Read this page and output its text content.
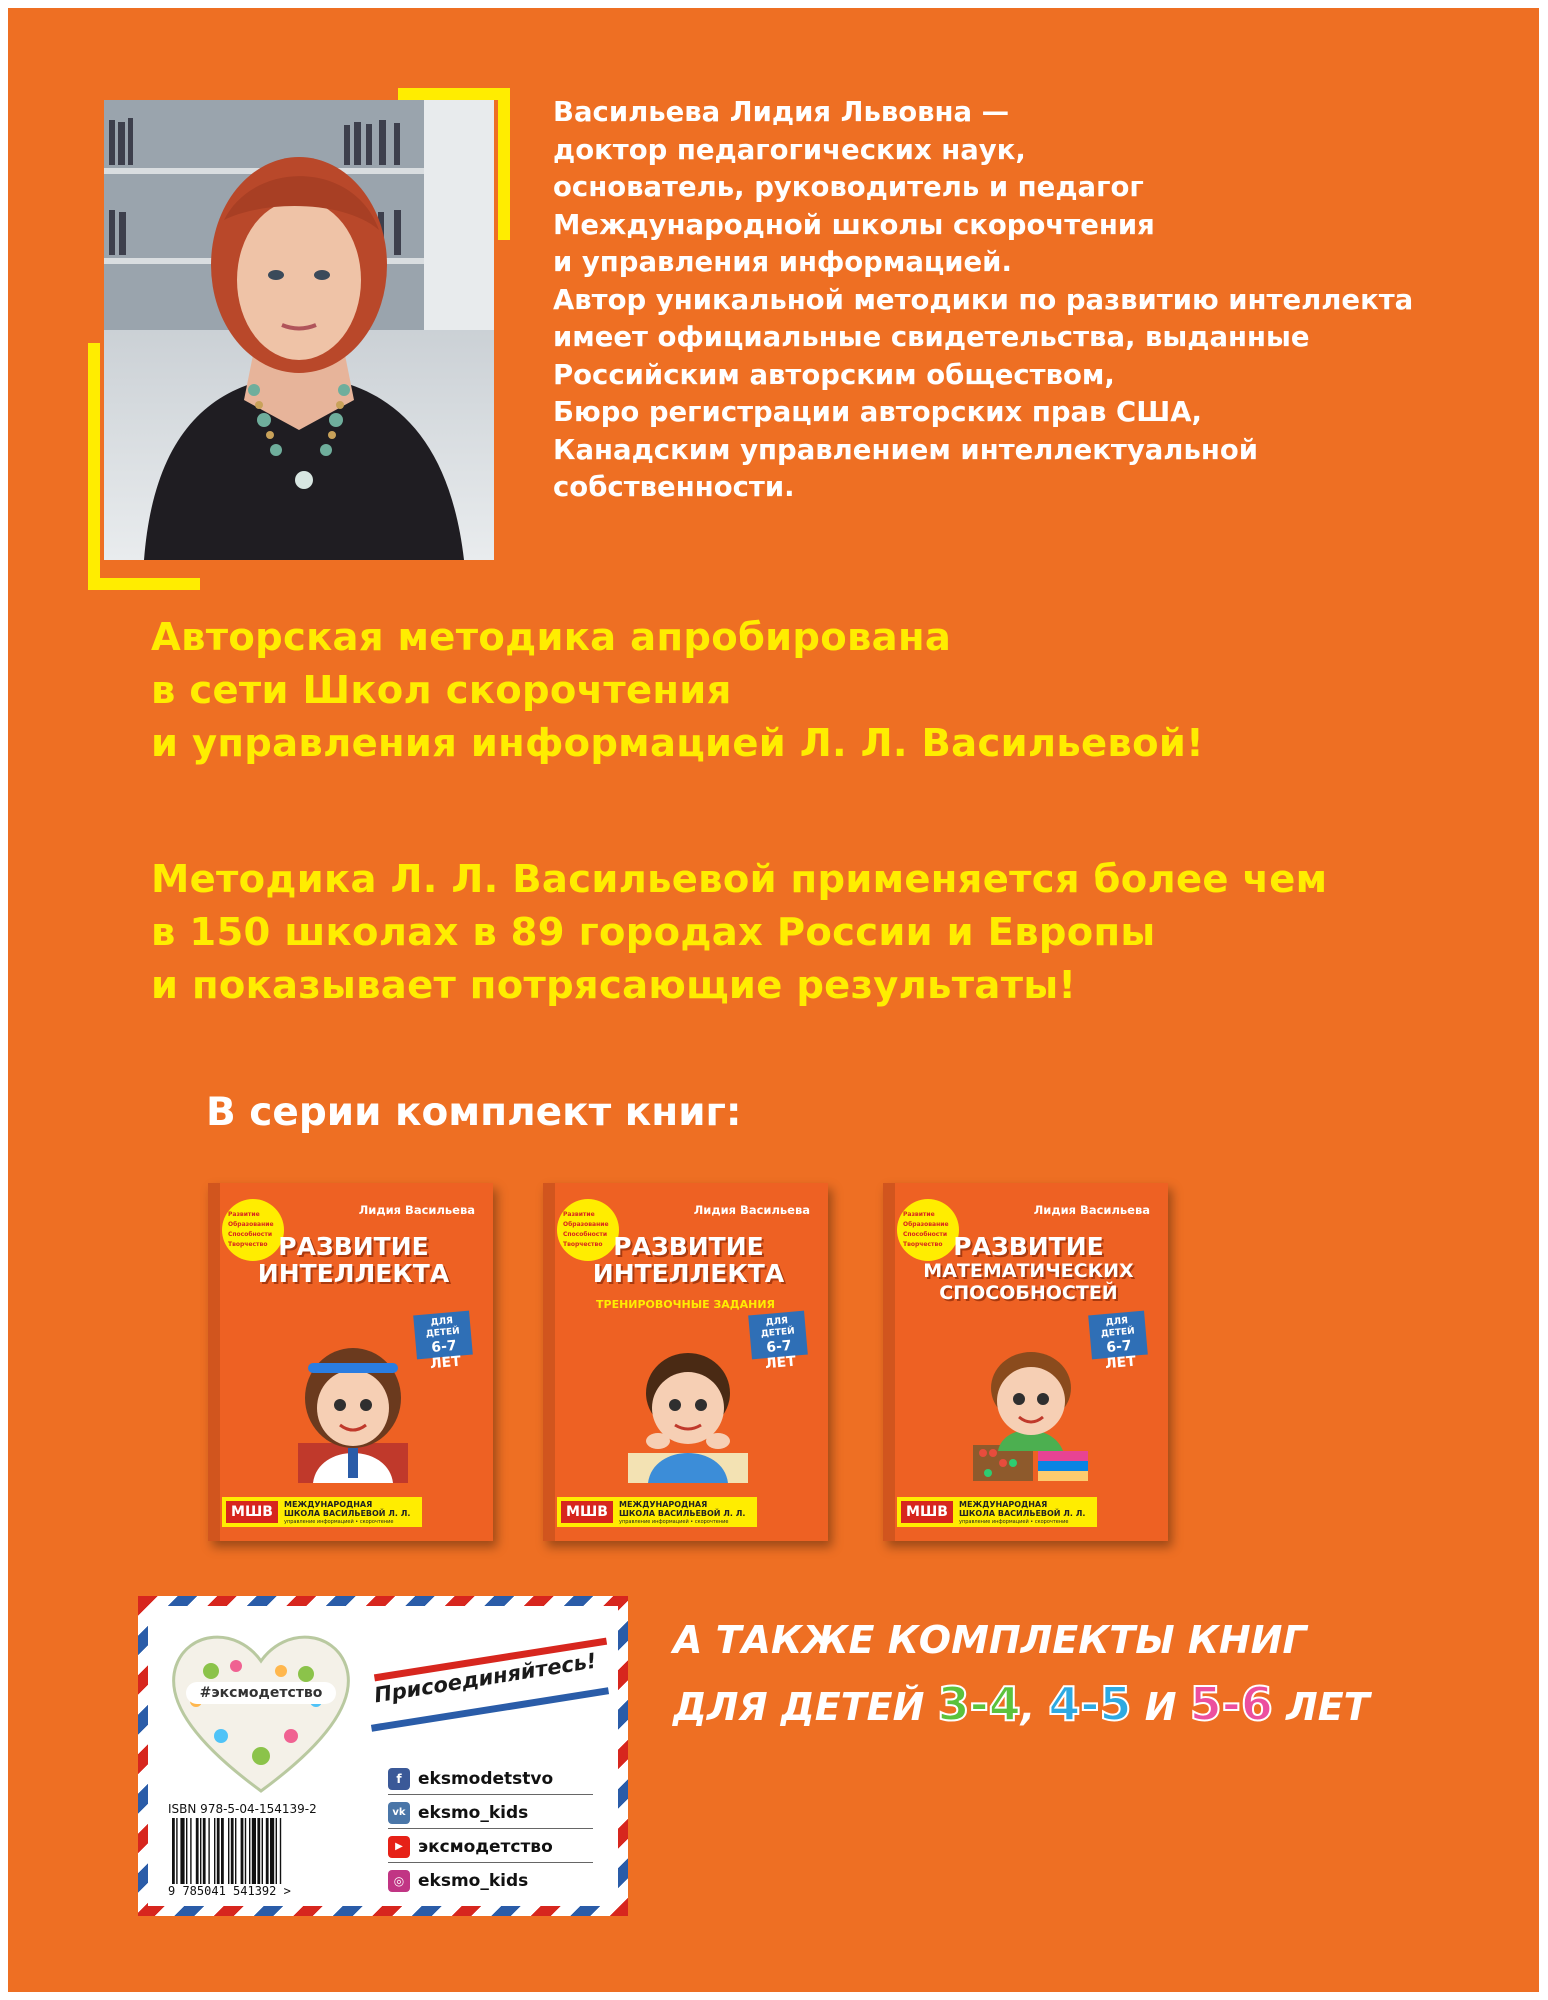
Васильева Лидия Львовна —
доктор педагогических наук,
основатель, руководитель и педагог
Международной школы скорочтения
и управления информацией.
Автор уникальной методики по развитию интеллекта
имеет официальные свидетельства, выданные
Российским авторским обществом,
Бюро регистрации авторских прав США,
Канадским управлением интеллектуальной
собственности.
Авторская методика апробирована
в сети Школ скорочтения
и управления информацией Л. Л. Васильевой!
Методика Л. Л. Васильевой применяется более чем
в 150 школах в 89 городах России и Европы
и показывает потрясающие результаты!
В серии комплект книг:
Развитие
Образование
Способности
Творчество
Лидия Васильева
РАЗВИТИЕ
ИНТЕЛЛЕКТА
ДЛЯ ДЕТЕЙ
6-7 ЛЕТ
МШВ	МЕЖДУНАРОДНАЯ
ШКОЛА ВАСИЛЬЕВОЙ Л. Л.
управление информацией • скорочтение
Развитие
Образование
Способности
Творчество
Лидия Васильева
РАЗВИТИЕ
ИНТЕЛЛЕКТА
ТРЕНИРОВОЧНЫЕ ЗАДАНИЯ
ДЛЯ ДЕТЕЙ
6-7 ЛЕТ
МШВ	МЕЖДУНАРОДНАЯ
ШКОЛА ВАСИЛЬЕВОЙ Л. Л.
управление информацией • скорочтение
Развитие
Образование
Способности
Творчество
Лидия Васильева
РАЗВИТИЕ
МАТЕМАТИЧЕСКИХ
СПОСОБНОСТЕЙ
ДЛЯ ДЕТЕЙ
6-7 ЛЕТ
МШВ	МЕЖДУНАРОДНАЯ
ШКОЛА ВАСИЛЬЕВОЙ Л. Л.
управление информацией • скорочтение
#эксмодетство	Присоединяйтесь!
ISBN 978-5-04-154139-2
9 785041 541392 >
f eksmodetstvo
vk eksmo_kids
▶ эксмодетство
◎ eksmo_kids
А ТАКЖЕ КОМПЛЕКТЫ КНИГ
ДЛЯ ДЕТЕЙ 3-4, 4-5 И 5-6 ЛЕТ
